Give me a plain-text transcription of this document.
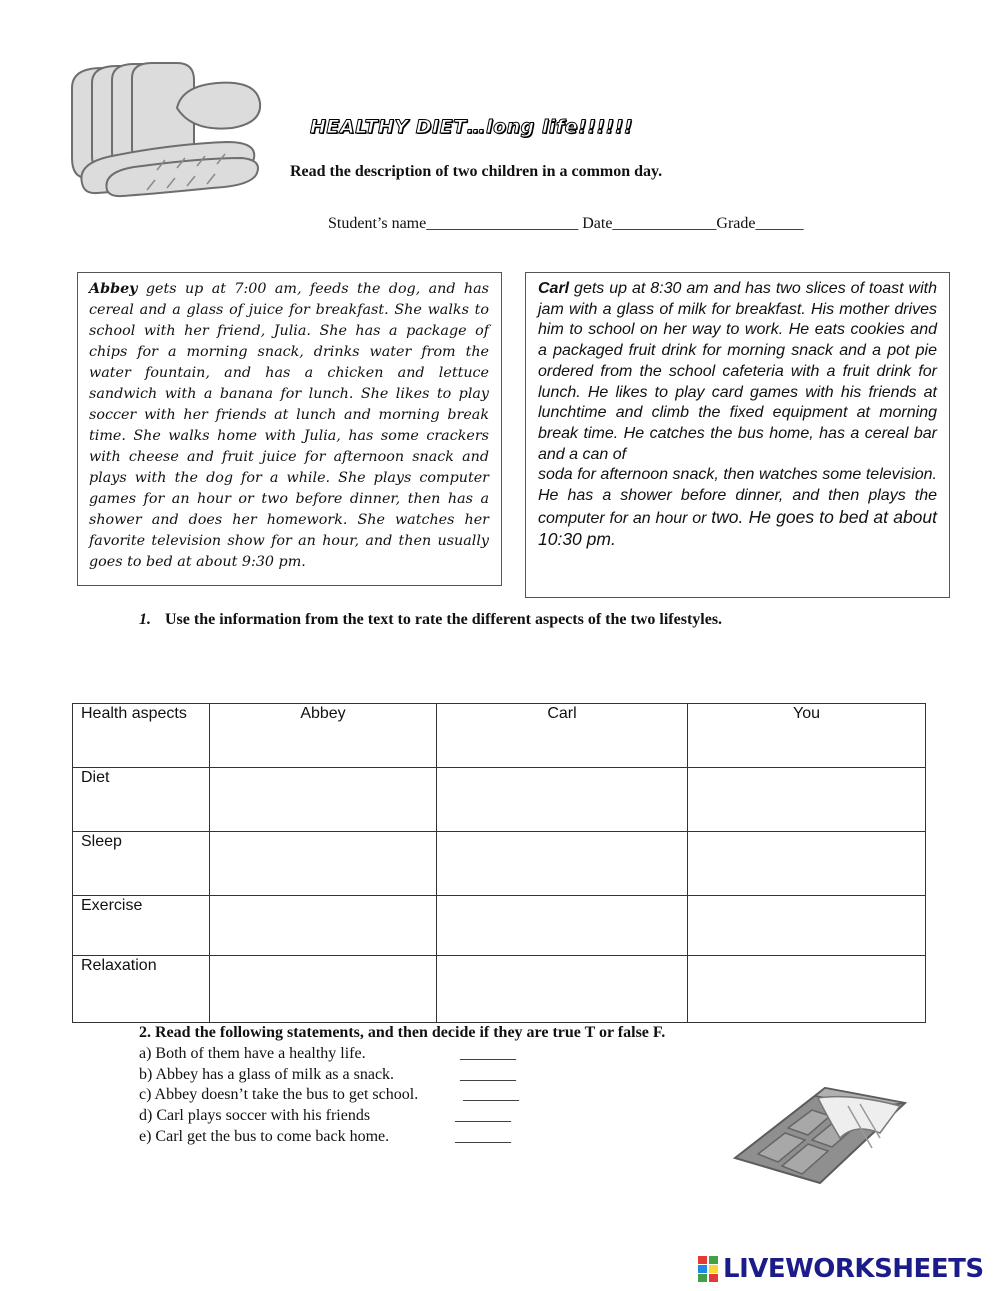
HEALTHY DIET…long life!!!!!!
Read the description of two children in a common day.
Student’s name___________________ Date_____________Grade______

Abbey gets up at 7:00 am, feeds the dog, and has cereal and a glass of juice for breakfast. She walks to school with her friend, Julia. She has a package of chips for a morning snack, drinks water from the water fountain, and has a chicken and lettuce sandwich with a banana for lunch. She likes to play soccer with her friends at lunch and morning break time. She walks home with Julia, has some crackers with cheese and fruit juice for afternoon snack and plays with the dog for a while. She plays computer games for an hour or two before dinner, then has a shower and does her homework. She watches her favorite television show for an hour, and then usually goes to bed at about 9:30 pm.

Carl gets up at 8:30 am and has two slices of toast with jam with a glass of milk for breakfast. His mother drives him to school on her way to work. He eats cookies and a packaged fruit drink for morning snack and a pot pie ordered from the school cafeteria with a fruit drink for lunch. He likes to play card games with his friends at lunchtime and climb the fixed equipment at morning break time. He catches the bus home, has a cereal bar and a can of
soda for afternoon snack, then watches some television. He has a shower before dinner, and then plays the computer for an hour or two. He goes to bed at about 10:30 pm.

1. Use the information from the text to rate the different aspects of the two lifestyles.
Health aspects	Abbey	Carl	You
Diet			
Sleep			
Exercise			
Relaxation			
2. Read the following statements, and then decide if they are true T or false F.
a) Both of them have a healthy life.
b) Abbey has a glass of milk as a snack.
c) Abbey doesn’t take the bus to get school.
d) Carl plays soccer with his friends
e) Carl get the bus to come back home.
_______
_______
_______
_______
_______
LIVEWORKSHEETS
